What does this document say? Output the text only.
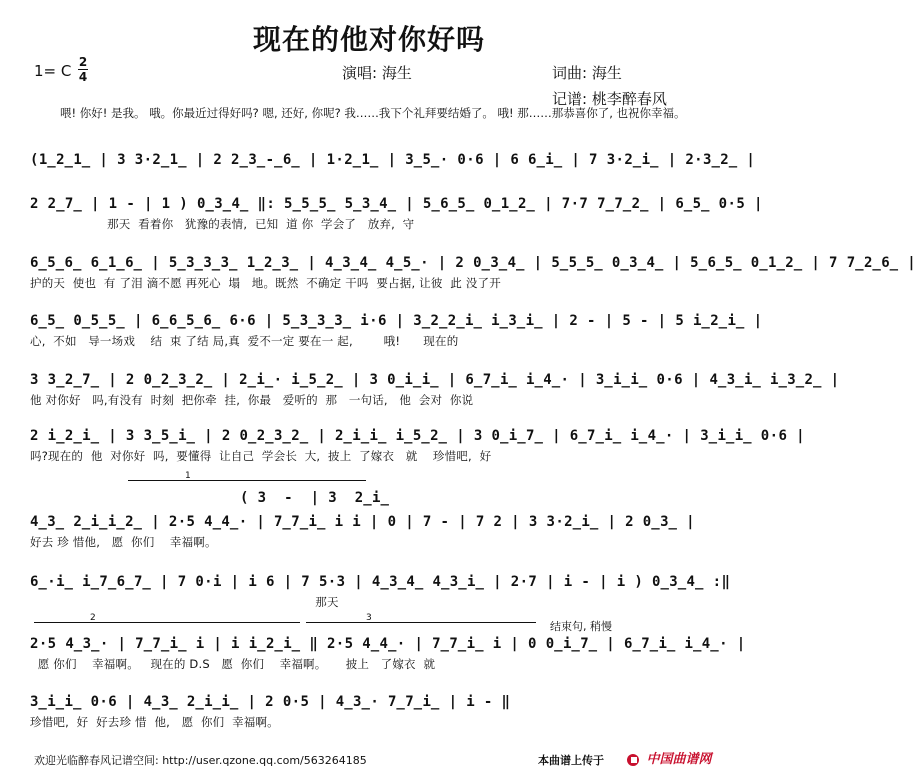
现在的他对你好吗
1= C 2
4	演唱: 海生	词曲: 海生
记谱: 桃李醉春风
喂! 你好! 是我。 哦。你最近过得好吗? 嗯, 还好, 你呢? 我……我下个礼拜要结婚了。 哦! 那……那恭喜你了, 也祝你幸福。
(1̲2̲1̲ | 3 3·2̲1̲ | 2 2̲3̲-̲6̲ | 1·2̲1̲ | 3̲5̲· 0·6 | 6 6̲i̲ | 7 3·2̲i̲ | 2·3̲2̲ |
2 2̲7̲ | 1 - | 1 ) 0̲3̲4̲ ‖: 5̲5̲5̲ 5̲3̲4̲ | 5̲6̲5̲ 0̲1̲2̲ | 7·7 7̲7̲2̲ | 6̲5̲ 0·5 |
那天  看着你   犹豫的表情,  已知  道 你  学会了   放弃,  守
6̲5̲6̲ 6̲1̲6̲ | 5̲3̲3̲3̲ 1̲2̲3̲ | 4̲3̲4̲ 4̲5̲· | 2 0̲3̲4̲ | 5̲5̲5̲ 0̲3̲4̲ | 5̲6̲5̲ 0̲1̲2̲ | 7 7̲2̲6̲ |
护的天  使也  有 了泪 滴不愿 再死心  塌   地。既然  不确定 干吗  要占据, 让彼  此 没了开
6̲5̲ 0̲5̲5̲ | 6̲6̲5̲6̲ 6·6 | 5̲3̲3̲3̲ i·6 | 3̲2̲2̲i̲ i̲3̲i̲ | 2 - | 5 - | 5 i̲2̲i̲ |
心,  不如   导一场戏    结  束 了结 局,真  爱不一定 要在一 起,        哦!      现在的
3 3̲2̲7̲ | 2 0̲2̲3̲2̲ | 2̲i̲· i̲5̲2̲ | 3 0̲i̲i̲ | 6̲7̲i̲ i̲4̲· | 3̲i̲i̲ 0·6 | 4̲3̲i̲ i̲3̲2̲ |
他 对你好   吗,有没有  时刻  把你牵  挂,  你最   爱听的  那   一句话,   他  会对  你说
2 i̲2̲i̲ | 3 3̲5̲i̲ | 2 0̲2̲3̲2̲ | 2̲i̲i̲ i̲5̲2̲ | 3 0̲i̲7̲ | 6̲7̲i̲ i̲4̲· | 3̲i̲i̲ 0·6 |
吗?现在的  他  对你好  吗,  要懂得  让自己  学会长  大,  披上  了嫁衣   就    珍惜吧,  好
1
( 3  -  | 3  2̲i̲
4̲3̲ 2̲i̲i̲2̲ | 2·5 4̲4̲· | 7̲7̲i̲ i i | 0 | 7 - | 7 2 | 3 3·2̲i̲ | 2 0̲3̲ |
好去 珍 惜他,   愿  你们    幸福啊。
6̲·i̲ i̲7̲6̲7̲ | 7 0·i | i 6 | 7 5·3 | 4̲3̲4̲ 4̲3̲i̲ | 2·7 | i - | i ) 0̲3̲4̲ :‖
那天
2	3
结束句, 稍慢
2·5 4̲3̲· | 7̲7̲i̲ i | i i̲2̲i̲ ‖ 2·5 4̲4̲· | 7̲7̲i̲ i | 0 0̲i̲7̲ | 6̲7̲i̲ i̲4̲· |
愿 你们    幸福啊。   现在的 D.S   愿  你们    幸福啊。     披上   了嫁衣  就
3̲i̲i̲ 0·6 | 4̲3̲ 2̲i̲i̲ | 2 0·5 | 4̲3̲· 7̲7̲i̲ | i - ‖
珍惜吧,  好  好去珍 惜  他,   愿  你们  幸福啊。
欢迎光临醉春风记谱空间: http://user.qzone.qq.com/563264185	本曲谱上传于	中国曲谱网
